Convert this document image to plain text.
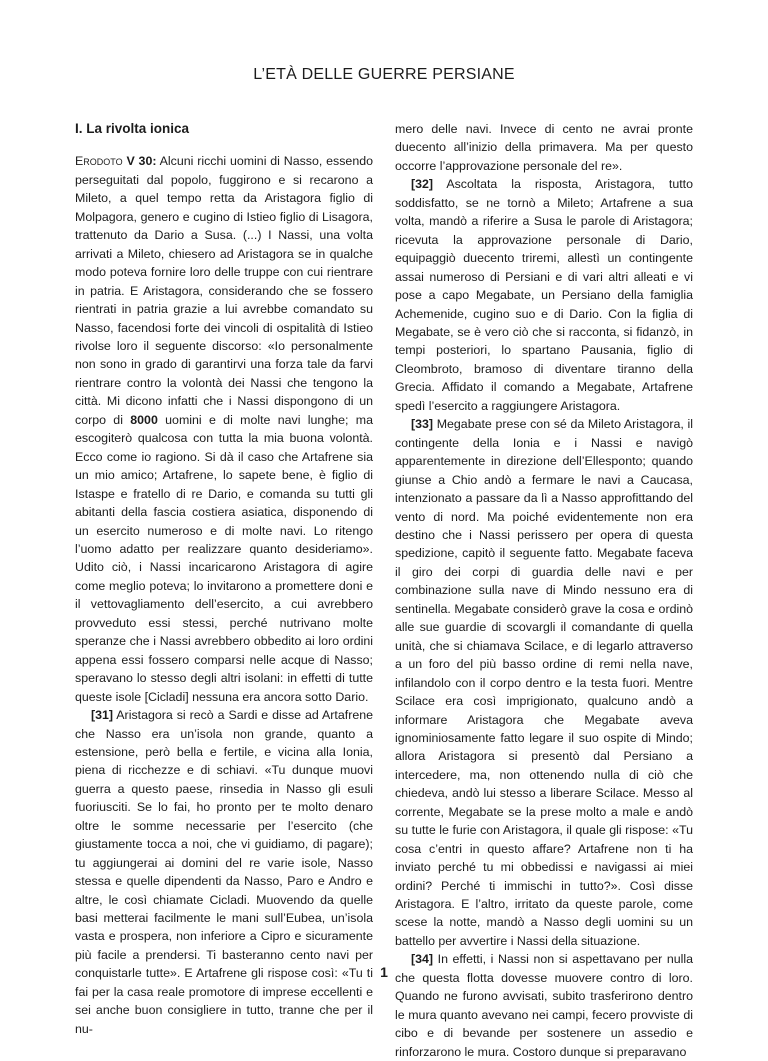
L’ETÀ DELLE GUERRE PERSIANE
I. La rivolta ionica

Erodoto V 30: Alcuni ricchi uomini di Nasso, essendo perseguitati dal popolo, fuggirono e si recarono a Mileto, a quel tempo retta da Aristagora figlio di Molpagora, genero e cugino di Istieo figlio di Lisagora, trattenuto da Dario a Susa. (...) I Nassi, una volta arrivati a Mileto, chiesero ad Aristagora se in qualche modo poteva fornire loro delle truppe con cui rientrare in patria. E Aristagora, considerando che se fossero rientrati in patria grazie a lui avrebbe comandato su Nasso, facendosi forte dei vincoli di ospitalità di Istieo rivolse loro il seguente discorso: «Io personalmente non sono in grado di garantirvi una forza tale da farvi rientrare contro la volontà dei Nassi che tengono la città. Mi dicono infatti che i Nassi dispongono di un corpo di 8000 uomini e di molte navi lunghe; ma escogiterò qualcosa con tutta la mia buona volontà. Ecco come io ragiono. Si dà il caso che Artafrene sia un mio amico; Artafrene, lo sapete bene, è figlio di Istaspe e fratello di re Dario, e comanda su tutti gli abitanti della fascia costiera asiatica, disponendo di un esercito numeroso e di molte navi. Lo ritengo l’uomo adatto per realizzare quanto desideriamo». Udito ciò, i Nassi incaricarono Aristagora di agire come meglio poteva; lo invitarono a promettere doni e il vettovagliamento dell’esercito, a cui avrebbero provveduto essi stessi, perché nutrivano molte speranze che i Nassi avrebbero obbedito ai loro ordini appena essi fossero comparsi nelle acque di Nasso; speravano lo stesso degli altri isolani: in effetti di tutte queste isole [Cicladi] nessuna era ancora sotto Dario.

[31] Aristagora si recò a Sardi e disse ad Artafrene che Nasso era un’isola non grande, quanto a estensione, però bella e fertile, e vicina alla Ionia, piena di ricchezze e di schiavi. «Tu dunque muovi guerra a questo paese, rinsedia in Nasso gli esuli fuoriusciti. Se lo fai, ho pronto per te molto denaro oltre le somme necessarie per l’esercito (che giustamente tocca a noi, che vi guidiamo, di pagare); tu aggiungerai ai domini del re varie isole, Nasso stessa e quelle dipendenti da Nasso, Paro e Andro e altre, le così chiamate Cicladi. Muovendo da quelle basi metterai facilmente le mani sull’Eubea, un’isola vasta e prospera, non inferiore a Cipro e sicuramente più facile a prendersi. Ti basteranno cento navi per conquistarle tutte». E Artafrene gli rispose così: «Tu ti fai per la casa reale promotore di imprese eccellenti e sei anche buon consigliere in tutto, tranne che per il nu-

mero delle navi. Invece di cento ne avrai pronte duecento all’inizio della primavera. Ma per questo occorre l’approvazione personale del re».

[32] Ascoltata la risposta, Aristagora, tutto soddisfatto, se ne tornò a Mileto; Artafrene a sua volta, mandò a riferire a Susa le parole di Aristagora; ricevuta la approvazione personale di Dario, equipaggiò duecento triremi, allestì un contingente assai numeroso di Persiani e di vari altri alleati e vi pose a capo Megabate, un Persiano della famiglia Achemenide, cugino suo e di Dario. Con la figlia di Megabate, se è vero ciò che si racconta, si fidanzò, in tempi posteriori, lo spartano Pausania, figlio di Cleombroto, bramoso di diventare tiranno della Grecia. Affidato il comando a Megabate, Artafrene spedì l’esercito a raggiungere Aristagora.

[33] Megabate prese con sé da Mileto Aristagora, il contingente della Ionia e i Nassi e navigò apparentemente in direzione dell’Ellesponto; quando giunse a Chio andò a fermare le navi a Caucasa, intenzionato a passare da lì a Nasso approfittando del vento di nord. Ma poiché evidentemente non era destino che i Nassi perissero per opera di questa spedizione, capitò il seguente fatto. Megabate faceva il giro dei corpi di guardia delle navi e per combinazione sulla nave di Mindo nessuno era di sentinella. Megabate considerò grave la cosa e ordinò alle sue guardie di scovargli il comandante di quella unità, che si chiamava Scilace, e di legarlo attraverso a un foro del più basso ordine di remi nella nave, infilandolo con il corpo dentro e la testa fuori. Mentre Scilace era così imprigionato, qualcuno andò a informare Aristagora che Megabate aveva ignominiosamente fatto legare il suo ospite di Mindo; allora Aristagora si presentò dal Persiano a intercedere, ma, non ottenendo nulla di ciò che chiedeva, andò lui stesso a liberare Scilace. Messo al corrente, Megabate se la prese molto a male e andò su tutte le furie con Aristagora, il quale gli rispose: «Tu cosa c’entri in questo affare? Artafrene non ti ha inviato perché tu mi obbedissi e navigassi ai miei ordini? Perché ti immischi in tutto?». Così disse Aristagora. E l’altro, irritato da queste parole, come scese la notte, mandò a Nasso degli uomini su un battello per avvertire i Nassi della situazione.

[34] In effetti, i Nassi non si aspettavano per nulla che questa flotta dovesse muovere contro di loro. Quando ne furono avvisati, subito trasferirono dentro le mura quanto avevano nei campi, fecero provviste di cibo e di bevande per sostenere un assedio e rinforzarono le mura. Costoro dunque si preparavano

1
